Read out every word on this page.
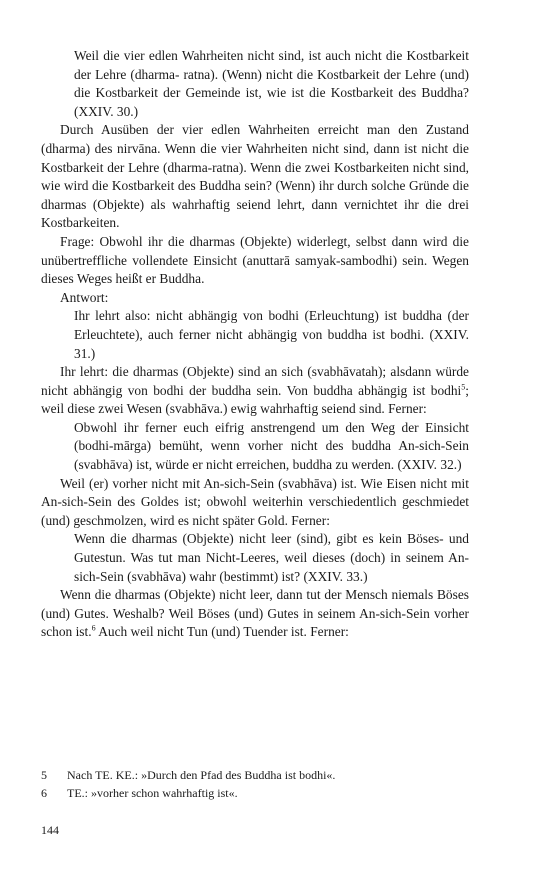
Weil die vier edlen Wahrheiten nicht sind, ist auch nicht die Kostbarkeit der Lehre (dharma- ratna). (Wenn) nicht die Kostbarkeit der Lehre (und) die Kostbarkeit der Gemeinde ist, wie ist die Kostbarkeit des Buddha? (XXIV. 30.)

Durch Ausüben der vier edlen Wahrheiten erreicht man den Zustand (dharma) des nirvāna. Wenn die vier Wahrheiten nicht sind, dann ist nicht die Kostbarkeit der Lehre (dharma-ratna). Wenn die zwei Kostbarkeiten nicht sind, wie wird die Kostbarkeit des Buddha sein? (Wenn) ihr durch solche Gründe die dharmas (Objekte) als wahrhaftig seiend lehrt, dann vernichtet ihr die drei Kostbarkeiten.

Frage: Obwohl ihr die dharmas (Objekte) widerlegt, selbst dann wird die unübertreffliche vollendete Einsicht (anuttarā samyak-sambodhi) sein. Wegen dieses Weges heißt er Buddha.

Antwort:

Ihr lehrt also: nicht abhängig von bodhi (Erleuchtung) ist buddha (der Erleuchtete), auch ferner nicht abhängig von buddha ist bodhi. (XXIV. 31.)

Ihr lehrt: die dharmas (Objekte) sind an sich (svabhāvatah); alsdann würde nicht abhängig von bodhi der buddha sein. Von buddha abhängig ist bodhi$^5$; weil diese zwei Wesen (svabhāva.) ewig wahrhaftig seiend sind. Ferner:

Obwohl ihr ferner euch eifrig anstrengend um den Weg der Einsicht (bodhi-mārga) bemüht, wenn vorher nicht des buddha An-sich-Sein (svabhāva) ist, würde er nicht erreichen, buddha zu werden. (XXIV. 32.)

Weil (er) vorher nicht mit An-sich-Sein (svabhāva) ist. Wie Eisen nicht mit An-sich-Sein des Goldes ist; obwohl weiterhin verschiedentlich geschmiedet (und) geschmolzen, wird es nicht später Gold. Ferner:

Wenn die dharmas (Objekte) nicht leer (sind), gibt es kein Böses- und Gutestun. Was tut man Nicht-Leeres, weil dieses (doch) in seinem An- sich-Sein (svabhāva) wahr (bestimmt) ist? (XXIV. 33.)

Wenn die dharmas (Objekte) nicht leer, dann tut der Mensch niemals Böses (und) Gutes. Weshalb? Weil Böses (und) Gutes in seinem An-sich-Sein vorher schon ist.$^6$ Auch weil nicht Tun (und) Tuender ist. Ferner:

5	Nach TE. KE.: »Durch den Pfad des Buddha ist bodhi«.
6	TE.: »vorher schon wahrhaftig ist«.
144
